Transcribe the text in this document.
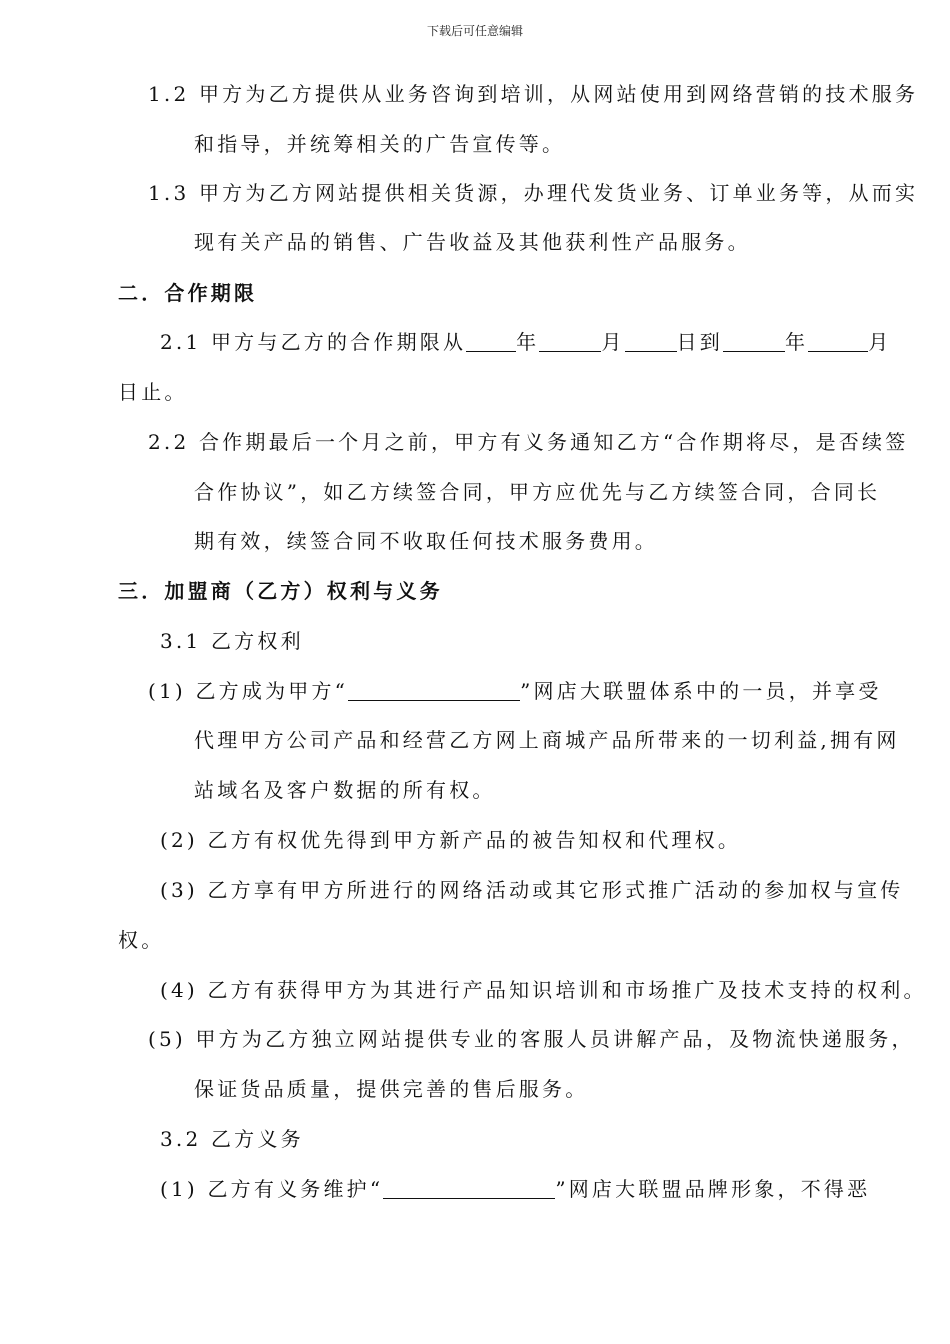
下载后可任意编辑
1.2 甲方为乙方提供从业务咨询到培训，从网站使用到网络营销的技术服务
和指导，并统筹相关的广告宣传等。
1.3 甲方为乙方网站提供相关货源，办理代发货业务、订单业务等，从而实
现有关产品的销售、广告收益及其他获利性产品服务。
二．合作期限
2.1 甲方与乙方的合作期限从	年	月	日到	年	月
日止。
2.2 合作期最后一个月之前，甲方有义务通知乙方“合作期将尽，是否续签
合作协议”，如乙方续签合同，甲方应优先与乙方续签合同，合同长
期有效，续签合同不收取任何技术服务费用。
三．加盟商（乙方）权利与义务
3.1 乙方权利
(1) 乙方成为甲方“	”网店大联盟体系中的一员，并享受
代理甲方公司产品和经营乙方网上商城产品所带来的一切利益,拥有网
站域名及客户数据的所有权。
(2) 乙方有权优先得到甲方新产品的被告知权和代理权。
(3) 乙方享有甲方所进行的网络活动或其它形式推广活动的参加权与宣传
权。
(4) 乙方有获得甲方为其进行产品知识培训和市场推广及技术支持的权利。
(5) 甲方为乙方独立网站提供专业的客服人员讲解产品，及物流快递服务，
保证货品质量，提供完善的售后服务。
3.2 乙方义务
(1) 乙方有义务维护“	”网店大联盟品牌形象，不得恶
